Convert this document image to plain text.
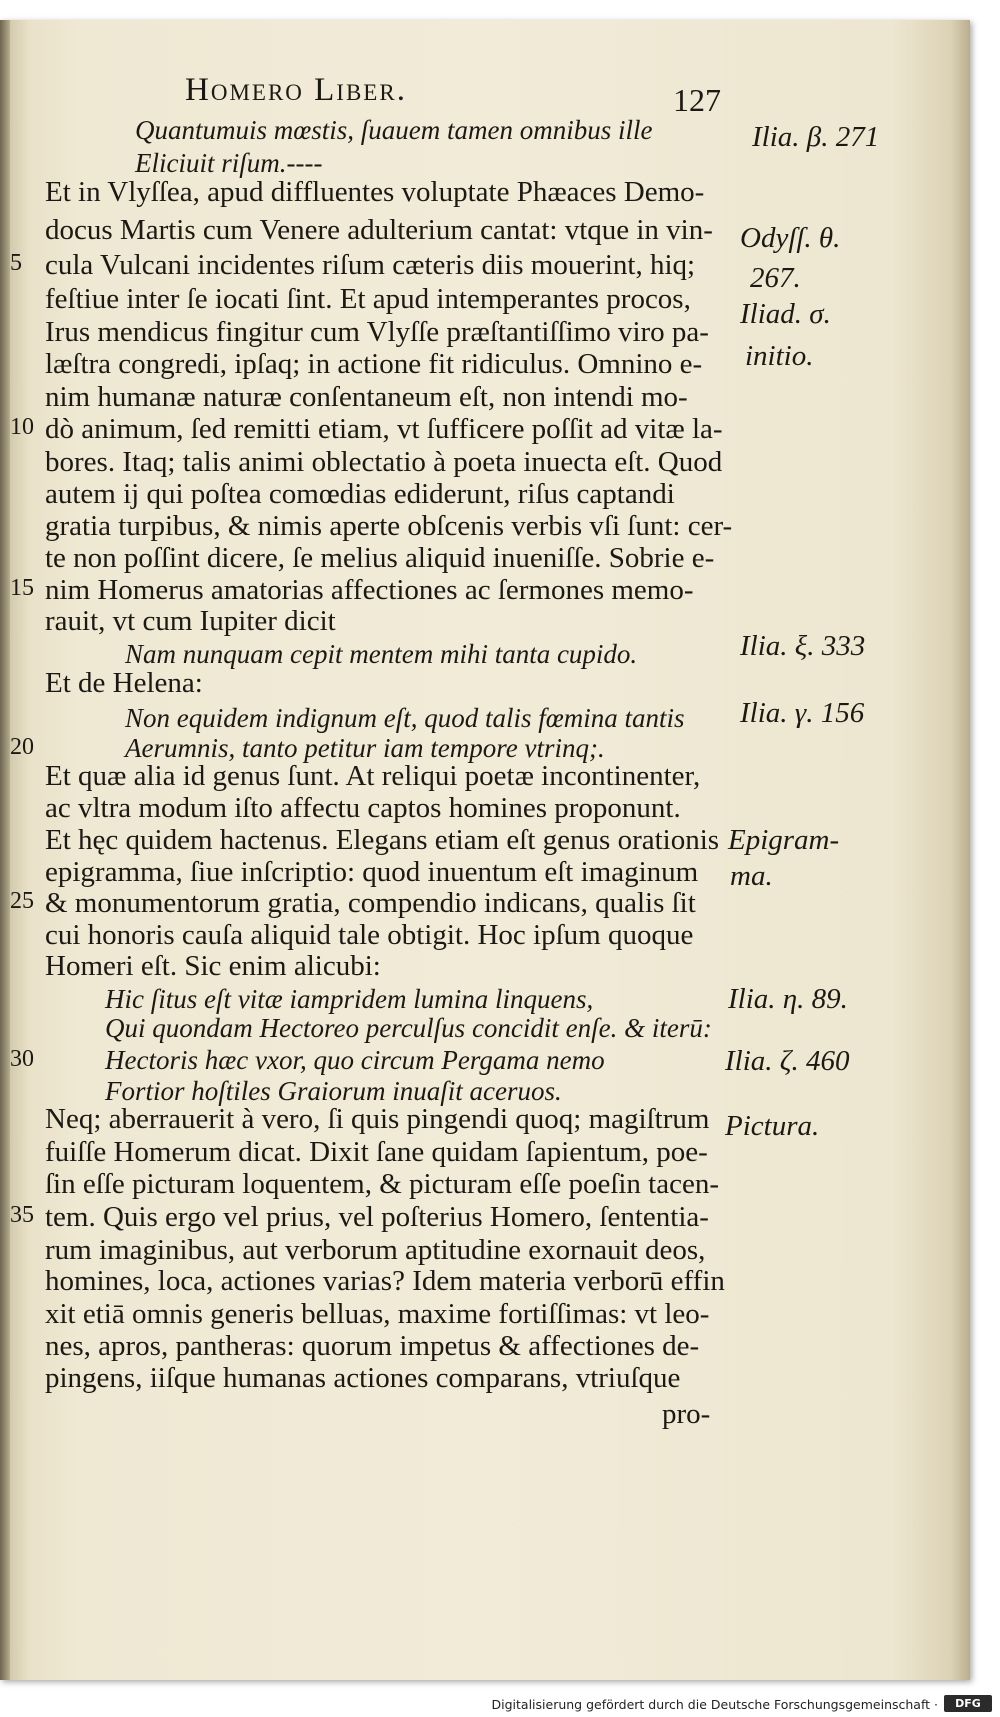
Homero Liber.	127
Quantumuis mœstis, ſuauem tamen omnibus ille
Eliciuit riſum.----
Et in Vlyſſea, apud diffluentes voluptate Phæaces Demo-
docus Martis cum Venere adulterium cantat: vtque in vin-
5 cula Vulcani incidentes riſum cæteris diis mouerint, hiq;
feſtiue inter ſe iocati ſint. Et apud intemperantes procos,
Irus mendicus fingitur cum Vlyſſe præſtantiſſimo viro pa-
læſtra congredi, ipſaq; in actione fit ridiculus. Omnino e-
nim humanæ naturæ conſentaneum eſt, non intendi mo-
10 dò animum, ſed remitti etiam, vt ſufficere poſſit ad vitæ la-
bores. Itaq; talis animi oblectatio à poeta inuecta eſt. Quod
autem ij qui poſtea comœdias ediderunt, riſus captandi
gratia turpibus, & nimis aperte obſcenis verbis vſi ſunt: cer-
te non poſſint dicere, ſe melius aliquid inueniſſe. Sobrie e-
15 nim Homerus amatorias affectiones ac ſermones memo-
rauit, vt cum Iupiter dicit
Nam nunquam cepit mentem mihi tanta cupido.
Et de Helena:
Non equidem indignum eſt, quod talis fœmina tantis
20	Aerumnis, tanto petitur iam tempore vtrinq;.
Et quæ alia id genus ſunt. At reliqui poetæ incontinenter,
ac vltra modum iſto affectu captos homines proponunt.
Et hęc quidem hactenus. Elegans etiam eſt genus orationis
epigramma, ſiue inſcriptio: quod inuentum eſt imaginum
25 & monumentorum gratia, compendio indicans, qualis ſit
cui honoris cauſa aliquid tale obtigit. Hoc ipſum quoque
Homeri eſt. Sic enim alicubi:
Hic ſitus eſt vitæ iampridem lumina linquens,
Qui quondam Hectoreo perculſus concidit enſe. & iterū:
30	Hectoris hæc vxor, quo circum Pergama nemo
Fortior hoſtiles Graiorum inuaſit aceruos.
Neq; aberrauerit à vero, ſi quis pingendi quoq; magiſtrum
fuiſſe Homerum dicat. Dixit ſane quidam ſapientum, poe-
ſin eſſe picturam loquentem, & picturam eſſe poeſin tacen-
35 tem. Quis ergo vel prius, vel poſterius Homero, ſententia-
rum imaginibus, aut verborum aptitudine exornauit deos,
homines, loca, actiones varias? Idem materia verborū effin
xit etiā omnis generis belluas, maxime fortiſſimas: vt leo-
nes, apros, pantheras: quorum impetus & affectiones de-
pingens, iiſque humanas actiones comparans, vtriuſque
pro-
Ilia. β. 271
Odyſſ. θ.
267.
Iliad. σ.
initio.
Ilia. ξ. 333
Ilia. γ. 156
Epigram-
ma.
Ilia. η. 89.
Ilia. ζ. 460
Pictura.
Digitalisierung gefördert durch die Deutsche Forschungsgemeinschaft ·	DFG
